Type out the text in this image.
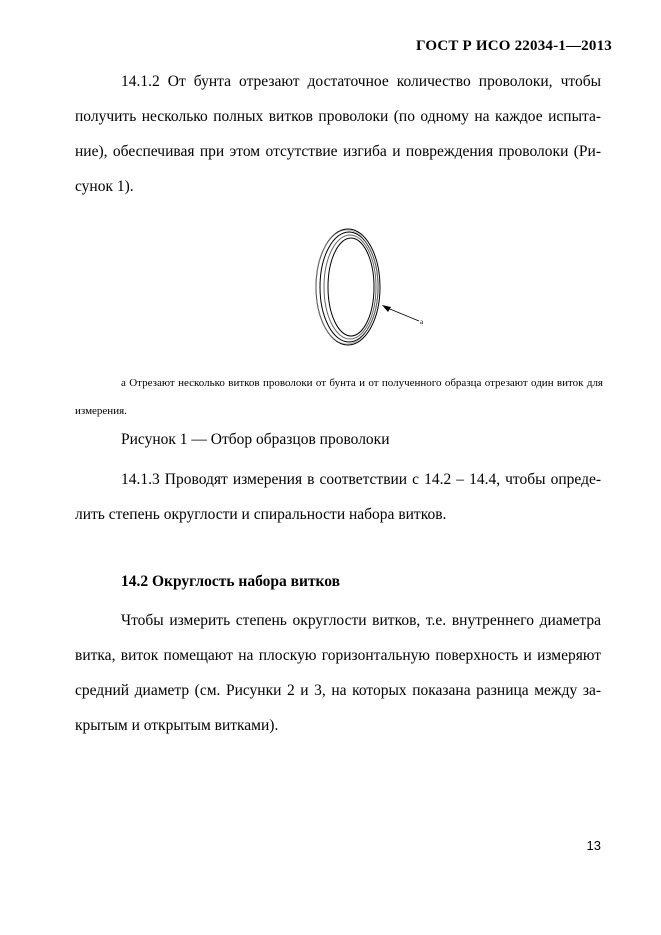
ГОСТ Р ИСО 22034-1—2013

14.1.2 От бунта отрезают достаточное количество проволоки, чтобы получить несколько полных витков проволоки (по одному на каждое испыта-ние), обеспечивая при этом отсутствие изгиба и повреждения проволоки (Ри-сунок 1).

a

а Отрезают несколько витков проволоки от бунта и от полученного образца отрезают один виток для измерения.

Рисунок 1 — Отбор образцов проволоки

14.1.3 Проводят измерения в соответствии с 14.2 – 14.4, чтобы опреде-лить степень округлости и спиральности набора витков.

14.2 Округлость набора витков

Чтобы измерить степень округлости витков, т.е. внутреннего диаметра витка, виток помещают на плоскую горизонтальную поверхность и измеряют средний диаметр (см. Рисунки 2 и 3, на которых показана разница между за-крытым и открытым витками).

13
